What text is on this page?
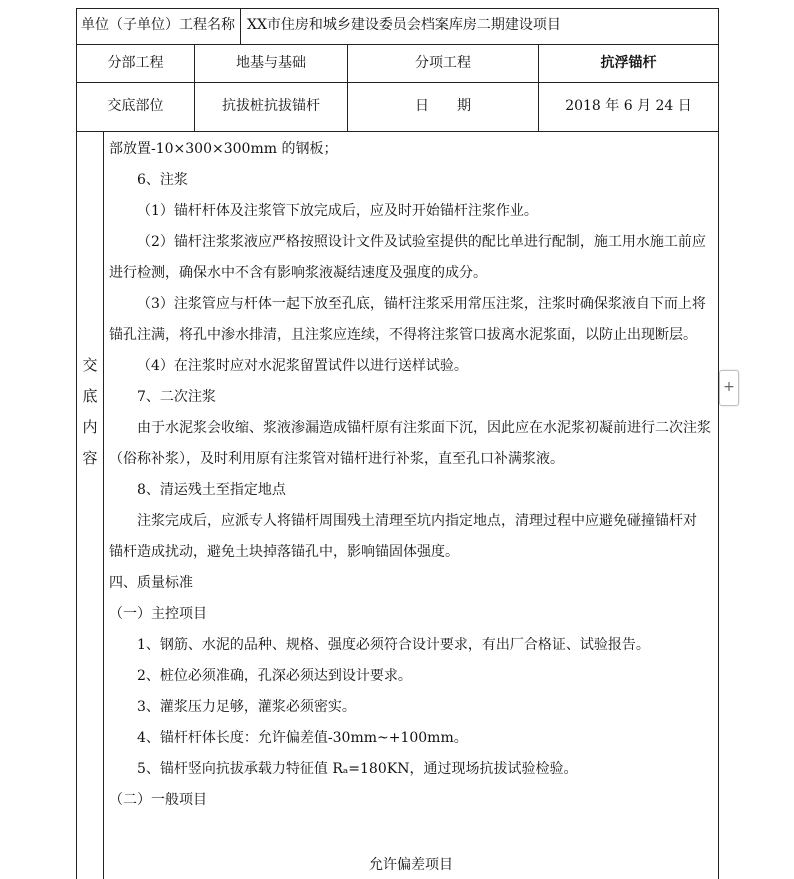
单位（子单位）工程名称 XX市住房和城乡建设委员会档案库房二期建设项目
分部工程	地基与基础	分项工程	抗浮锚杆
交底部位	抗拔桩抗拔锚杆	日　　期	2018 年 6 月 24 日
交
底
内
容
部放置-10×300×300mm 的钢板；
6、注浆
（1）锚杆杆体及注浆管下放完成后，应及时开始锚杆注浆作业。
（2）锚杆注浆浆液应严格按照设计文件及试验室提供的配比单进行配制，施工用水施工前应
进行检测，确保水中不含有影响浆液凝结速度及强度的成分。
（3）注浆管应与杆体一起下放至孔底，锚杆注浆采用常压注浆，注浆时确保浆液自下而上将
锚孔注满，将孔中渗水排清，且注浆应连续，不得将注浆管口拔离水泥浆面，以防止出现断层。
（4）在注浆时应对水泥浆留置试件以进行送样试验。
7、二次注浆
由于水泥浆会收缩、浆液渗漏造成锚杆原有注浆面下沉，因此应在水泥浆初凝前进行二次注浆
（俗称补浆），及时利用原有注浆管对锚杆进行补浆，直至孔口补满浆液。
8、清运残土至指定地点
注浆完成后，应派专人将锚杆周围残土清理至坑内指定地点，清理过程中应避免碰撞锚杆对
锚杆造成扰动，避免土块掉落锚孔中，影响锚固体强度。
四、质量标准
（一）主控项目
1、钢筋、水泥的品种、规格、强度必须符合设计要求，有出厂合格证、试验报告。
2、桩位必须准确，孔深必须达到设计要求。
3、灌浆压力足够，灌浆必须密实。
4、锚杆杆体长度：允许偏差值-30mm~+100mm。
5、锚杆竖向抗拔承载力特征值 Rₐ=180KN，通过现场抗拔试验检验。
（二）一般项目
允许偏差项目
+
